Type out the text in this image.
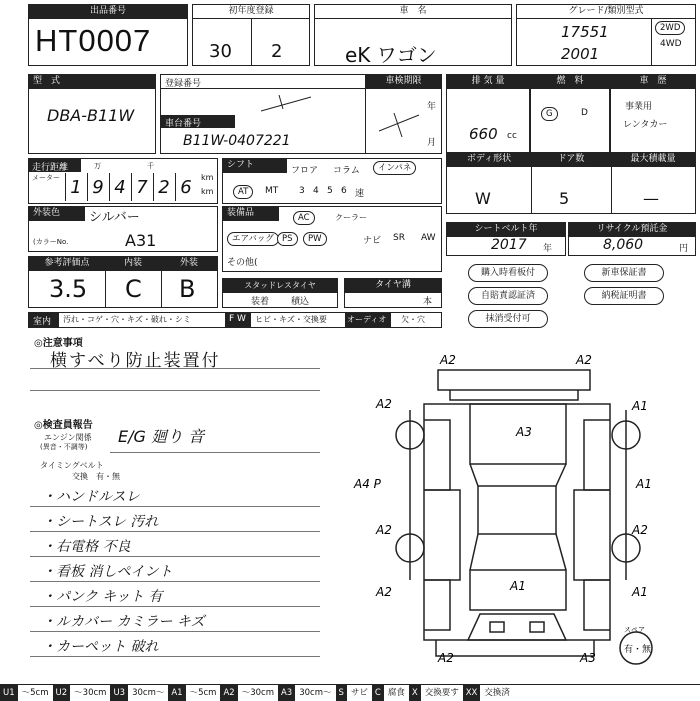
出品番号
HT0007
初年度登録
30 2
車　名
eK ワゴン
グレード/類別型式
17551
2001
2WD
4WD
型　式
DBA-B11W
登録番号	車検期限
年
月
車台番号
B11W-0407221
排 気 量
660 cc
燃　料
G	D
車　歴
事業用
レンタカー
走行距離
メーター
万	千
1 9 4 7 2 6	km
km
シフト
フロア コラム	インパネ
AT	MT 3 4 5 6 速
ボディ形状	ドア数	最大積載量
W	5	—
外装色	シルバー
(カラーNo.	A31
装備品	AC	クーラー
ナビ SR AW
エアバッグ PS	PW
その他(
シートベルト年
2017 年
リサイクル預託金
8,060	円
参考評価点	内装	外装
3.5 C B	スタッドレスタイヤ
装着 積込
タイヤ溝
本
購入時看板付	新車保証書
自賠責認証済	納税証明書
抹消受付可
室内 汚れ・コゲ・穴・キズ・破れ・シミ	F W ヒビ・キズ・交換要	オーディオ 欠・穴
◎注意事項
横すべり防止装置付
◎検査員報告
エンジン関係
(異音・不調等)
E/G 廻り 音
タイミングベルト
交換　有・無
・ハンドルスレ
・シートスレ 汚れ
・右電格 不良
・看板 消しペイント
・パンク キット 有
・ルカバー カミラー キズ
・カーペット 破れ
A2	A2
A2	A1
A3
A4 P	A1
A2	A2
A1
A2	A1
A2	A3
スペア
有・無
U1 ～5cm U2 ～30cm U3 30cm～ A1 ～5cm A2 ～30cm A3 30cm～ S サビ C 腐食 X 交換要す XX 交換済
